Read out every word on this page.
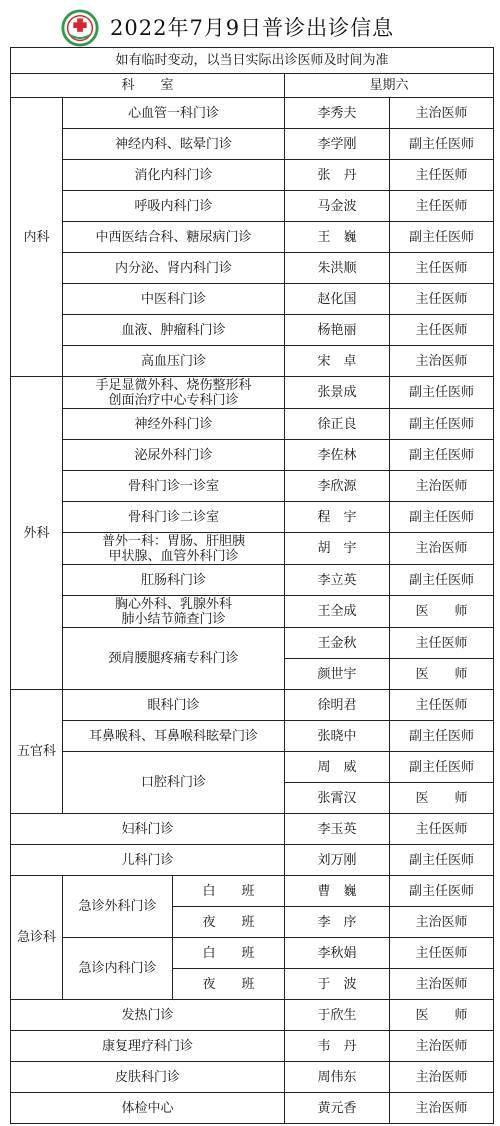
2022年7月9日普诊出诊信息
如有临时变动，以当日实际出诊医师及时间为准				
科　　室			星期六	
内科	心血管一科门诊		李秀夫	主治医师
	神经内科、眩晕门诊		李学刚	副主任医师
	消化内科门诊		张　丹	主任医师
	呼吸内科门诊		马金波	主任医师
	中西医结合科、糖尿病门诊		王　巍	副主任医师
	内分泌、肾内科门诊		朱洪顺	主任医师
	中医科门诊		赵化国	主任医师
	血液、肿瘤科门诊		杨艳丽	主任医师
	高血压门诊		宋　卓	主治医师
外科	手足显微外科、烧伤整形科
创面治疗中心专科门诊		张景成	副主任医师
	神经外科门诊		徐正良	副主任医师
	泌尿外科门诊		李佐林	副主任医师
	骨科门诊一诊室		李欣源	主治医师
	骨科门诊二诊室		程　宇	副主任医师

	普外一科：胃肠、肝胆胰
甲状腺、血管外科门诊		胡　宇	主治医师
	肛肠科门诊		李立英	副主任医师

	胸心外科、乳腺外科
肺小结节筛查门诊		王全成	医　　师
	颈肩腰腿疼痛专科门诊		王金秋	主任医师
			颜世宇	医　　师
五官科	眼科门诊		徐明君	主任医师
	耳鼻喉科、耳鼻喉科眩晕门诊		张晓中	副主任医师
	口腔科门诊		周　威	副主任医师
			张霄汉	医　　师
妇科门诊			李玉英	主任医师
儿科门诊			刘万刚	副主任医师
急诊科	急诊外科门诊	白　　班	曹　巍	副主任医师
		夜　　班	李　序	主治医师
	急诊内科门诊	白　　班	李秋娟	主任医师
		夜　　班	于　波	主治医师
发热门诊			于欣生	医　　师
康复理疗科门诊			韦　丹	主治医师
皮肤科门诊			周伟东	主治医师
体检中心			黄元香	主治医师
